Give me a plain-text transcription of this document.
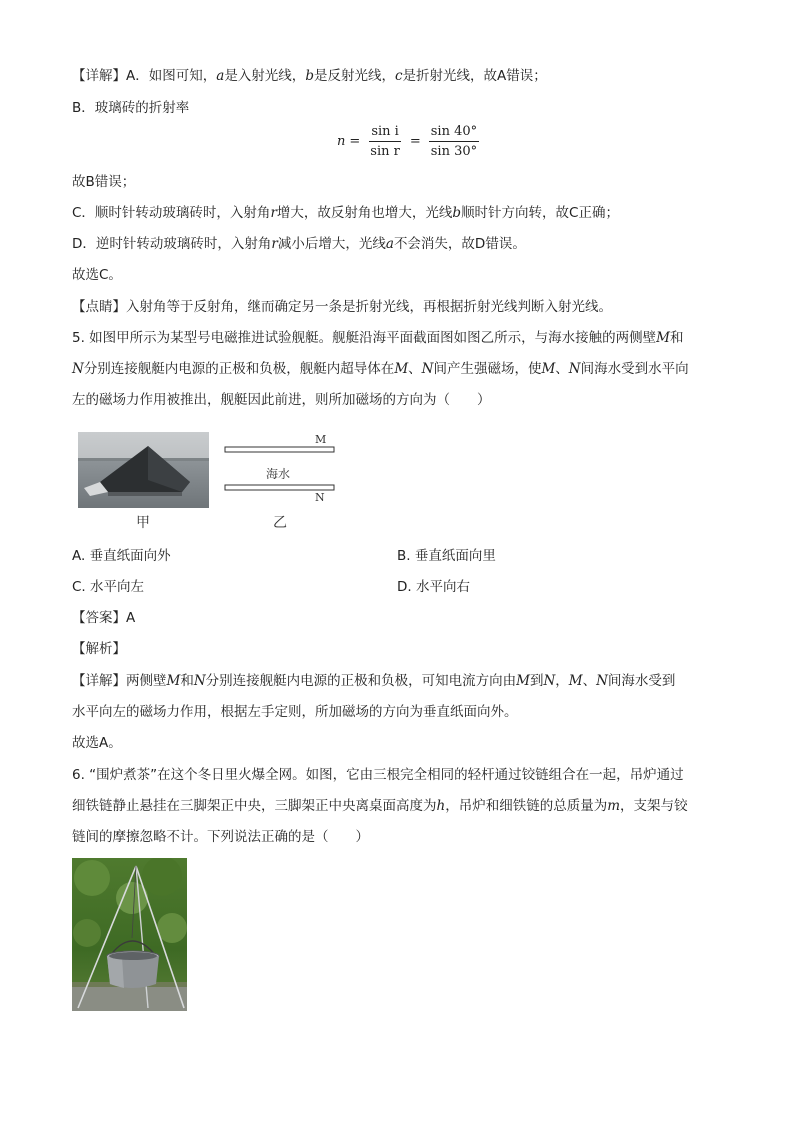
【详解】A．如图可知，a是入射光线，b是反射光线，c是折射光线，故A错误；
B．玻璃砖的折射率
$n = \frac{\text{sin i}}{\text{sin r}} = \frac{\sin 40^\circ}{\sin 30^\circ}$
故B错误；
C．顺时针转动玻璃砖时，入射角r增大，故反射角也增大，光线b顺时针方向转，故C正确；
D．逆时针转动玻璃砖时，入射角r减小后增大，光线a不会消失，故D错误。
故选C。
【点睛】入射角等于反射角，继而确定另一条是折射光线，再根据折射光线判断入射光线。
5. 如图甲所示为某型号电磁推进试验舰艇。舰艇沿海平面截面图如图乙所示，与海水接触的两侧壁M和
N分别连接舰艇内电源的正极和负极，舰艇内超导体在M、N间产生强磁场，使M、N间海水受到水平向
左的磁场力作用被推出，舰艇因此前进，则所加磁场的方向为（　　）
甲
M
N
海水
乙
A. 垂直纸面向外	B. 垂直纸面向里
C. 水平向左	D. 水平向右
【答案】A
【解析】
【详解】两侧壁M和N分别连接舰艇内电源的正极和负极，可知电流方向由M到N，M、N间海水受到
水平向左的磁场力作用，根据左手定则，所加磁场的方向为垂直纸面向外。
故选A。
6. “围炉煮茶”在这个冬日里火爆全网。如图，它由三根完全相同的轻杆通过铰链组合在一起，吊炉通过
细铁链静止悬挂在三脚架正中央，三脚架正中央离桌面高度为h，吊炉和细铁链的总质量为m，支架与铰
链间的摩擦忽略不计。下列说法正确的是（　　）
